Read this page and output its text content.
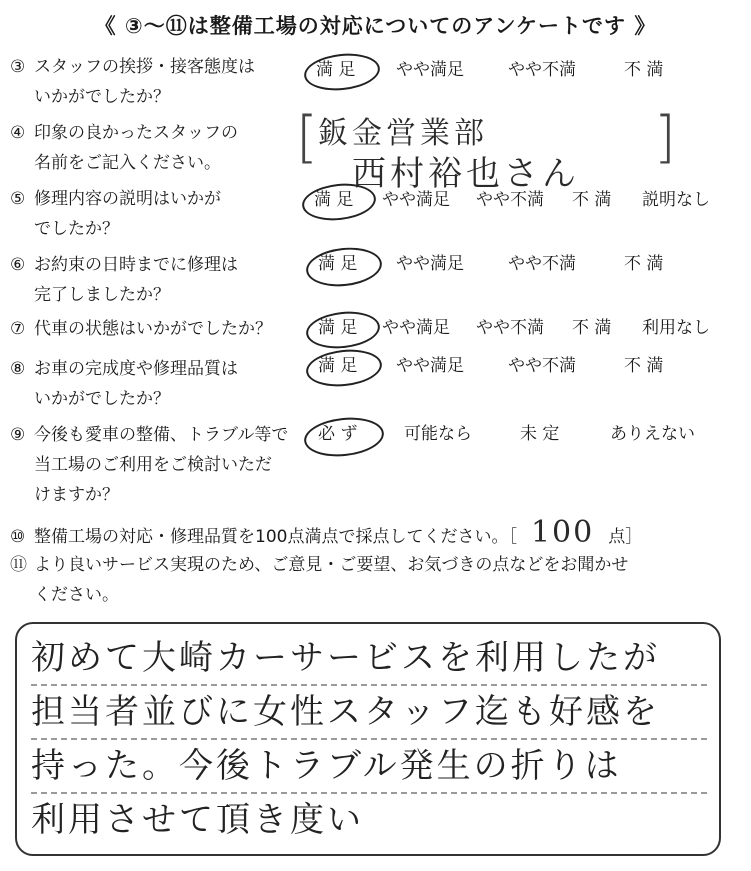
《 ③～⑪は整備工場の対応についてのアンケートです 》
③ スタッフの挨拶・接客態度は
いかがでしたか？
満 足 やや満足	やや不満	不 満
④ 印象の良かったスタッフの
名前をご記入ください。	[	]
鈑金営業部
西村裕也さん
⑤ 修理内容の説明はいかが
でしたか？
満 足 やや満足 やや不満 不 満 説明なし
⑥ お約束の日時までに修理は
完了しましたか？
満 足 やや満足	やや不満	不 満
⑦ 代車の状態はいかがでしたか？	満 足 やや満足 やや不満 不 満 利用なし
⑧ お車の完成度や修理品質は
いかがでしたか？
満 足 やや満足	やや不満	不 満
⑨ 今後も愛車の整備、トラブル等で
当工場のご利用をご検討いただ
けますか？
必 ず	可能なら	未 定	ありえない
⑩ 整備工場の対応・修理品質を100点満点で採点してください。［ 100 点］
⑪ より良いサービス実現のため、ご意見・ご要望、お気づきの点などをお聞かせ
ください。
初めて大崎カーサービスを利用したが
担当者並びに女性スタッフ迄も好感を
持った。今後トラブル発生の折りは
利用させて頂き度い
